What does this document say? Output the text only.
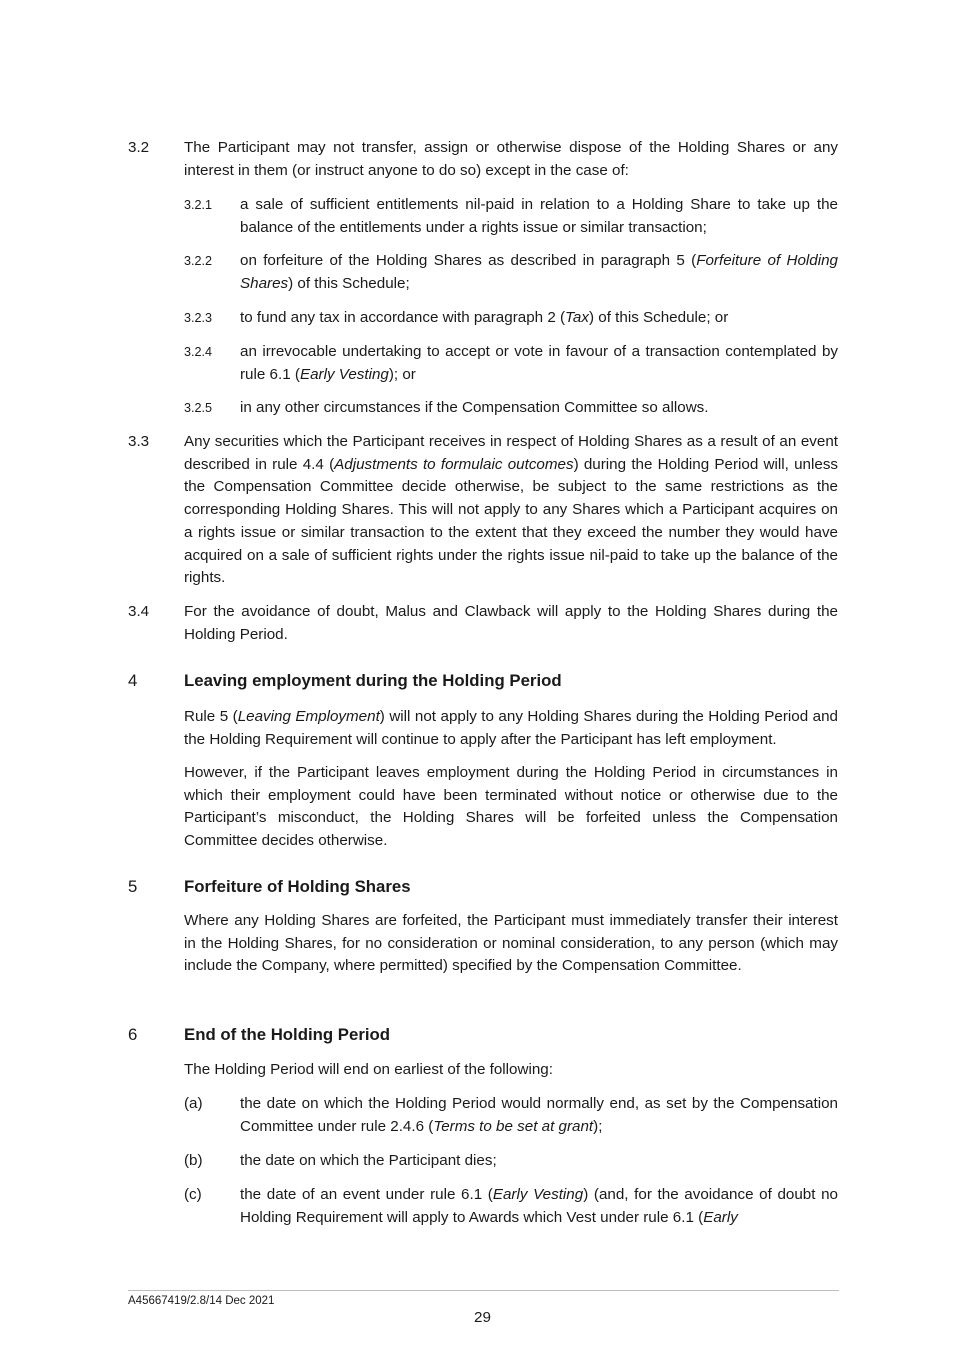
3.2 The Participant may not transfer, assign or otherwise dispose of the Holding Shares or any interest in them (or instruct anyone to do so) except in the case of:
3.2.1 a sale of sufficient entitlements nil-paid in relation to a Holding Share to take up the balance of the entitlements under a rights issue or similar transaction;
3.2.2 on forfeiture of the Holding Shares as described in paragraph 5 (Forfeiture of Holding Shares) of this Schedule;
3.2.3 to fund any tax in accordance with paragraph 2 (Tax) of this Schedule; or
3.2.4 an irrevocable undertaking to accept or vote in favour of a transaction contemplated by rule 6.1 (Early Vesting); or
3.2.5 in any other circumstances if the Compensation Committee so allows.
3.3 Any securities which the Participant receives in respect of Holding Shares as a result of an event described in rule 4.4 (Adjustments to formulaic outcomes) during the Holding Period will, unless the Compensation Committee decide otherwise, be subject to the same restrictions as the corresponding Holding Shares. This will not apply to any Shares which a Participant acquires on a rights issue or similar transaction to the extent that they exceed the number they would have acquired on a sale of sufficient rights under the rights issue nil-paid to take up the balance of the rights.
3.4 For the avoidance of doubt, Malus and Clawback will apply to the Holding Shares during the Holding Period.
4	Leaving employment during the Holding Period
Rule 5 (Leaving Employment) will not apply to any Holding Shares during the Holding Period and the Holding Requirement will continue to apply after the Participant has left employment.
However, if the Participant leaves employment during the Holding Period in circumstances in which their employment could have been terminated without notice or otherwise due to the Participant’s misconduct, the Holding Shares will be forfeited unless the Compensation Committee decides otherwise.
5	Forfeiture of Holding Shares
Where any Holding Shares are forfeited, the Participant must immediately transfer their interest in the Holding Shares, for no consideration or nominal consideration, to any person (which may include the Company, where permitted) specified by the Compensation Committee.
6	End of the Holding Period
The Holding Period will end on earliest of the following:
(a) the date on which the Holding Period would normally end, as set by the Compensation Committee under rule 2.4.6 (Terms to be set at grant);
(b) the date on which the Participant dies;
(c)	the date of an event under rule 6.1 (Early Vesting) (and, for the avoidance of doubt no Holding Requirement will apply to Awards which Vest under rule 6.1 (Early
A45667419/2.8/14 Dec 2021
29
